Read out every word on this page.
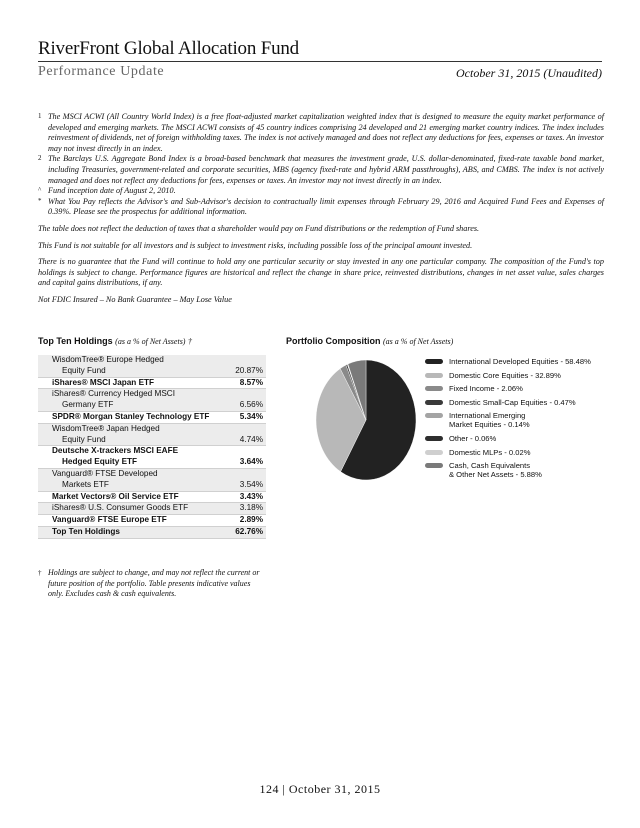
RiverFront Global Allocation Fund
Performance Update	October 31, 2015 (Unaudited)
1 The MSCI ACWI (All Country World Index) is a free float-adjusted market capitalization weighted index that is designed to measure the equity market performance of developed and emerging markets. The MSCI ACWI consists of 45 country indices comprising 24 developed and 21 emerging market country indices. The index includes reinvestment of dividends, net of foreign withholding taxes. The index is not actively managed and does not reflect any deductions for fees, expenses or taxes. An investor may not invest directly in an index.
2 The Barclays U.S. Aggregate Bond Index is a broad-based benchmark that measures the investment grade, U.S. dollar-denominated, fixed-rate taxable bond market, including Treasuries, government-related and corporate securities, MBS (agency fixed-rate and hybrid ARM passthroughs), ABS, and CMBS. The index is not actively managed and does not reflect any deductions for fees, expenses or taxes. An investor may not invest directly in an index.
^ Fund inception date of August 2, 2010.
* What You Pay reflects the Advisor's and Sub-Advisor's decision to contractually limit expenses through February 29, 2016 and Acquired Fund Fees and Expenses of 0.39%. Please see the prospectus for additional information.
The table does not reflect the deduction of taxes that a shareholder would pay on Fund distributions or the redemption of Fund shares.
This Fund is not suitable for all investors and is subject to investment risks, including possible loss of the principal amount invested.
There is no guarantee that the Fund will continue to hold any one particular security or stay invested in any one particular company. The composition of the Fund's top holdings is subject to change. Performance figures are historical and reflect the change in share price, reinvested distributions, changes in net asset value, sales charges and capital gains distributions, if any.
Not FDIC Insured – No Bank Guarantee – May Lose Value
Top Ten Holdings (as a % of Net Assets) †	Portfolio Composition (as a % of Net Assets)
WisdomTree® Europe Hedged
Equity Fund	20.87%
iShares® MSCI Japan ETF	8.57%
iShares® Currency Hedged MSCI
Germany ETF	6.56%
SPDR® Morgan Stanley Technology ETF	5.34%
WisdomTree® Japan Hedged
Equity Fund	4.74%
Deutsche X-trackers MSCI EAFE
Hedged Equity ETF	3.64%
Vanguard® FTSE Developed
Markets ETF	3.54%
Market Vectors® Oil Service ETF	3.43%
iShares® U.S. Consumer Goods ETF	3.18%
Vanguard® FTSE Europe ETF	2.89%
Top Ten Holdings	62.76%
† Holdings are subject to change, and may not reflect the current or future position of the portfolio. Table presents indicative values only. Excludes cash & cash equivalents.
International Developed Equities - 58.48%
Domestic Core Equities - 32.89%
Fixed Income - 2.06%
Domestic Small-Cap Equities - 0.47%
International Emerging
Market Equities - 0.14%
Other - 0.06%
Domestic MLPs - 0.02%
Cash, Cash Equivalents
& Other Net Assets - 5.88%
124 | October 31, 2015
